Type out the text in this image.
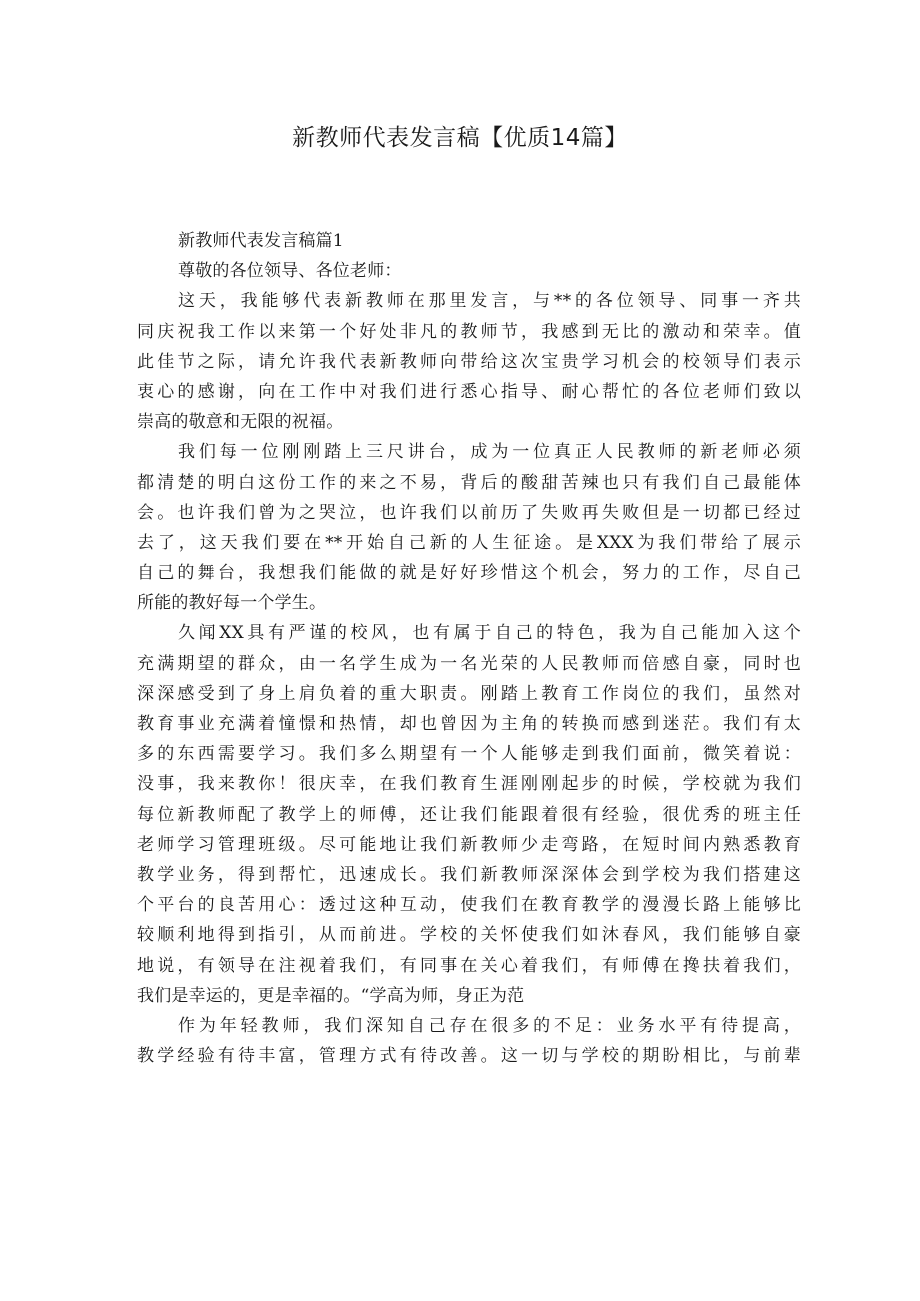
新教师代表发言稿【优质14篇】
新教师代表发言稿篇1
尊敬的各位领导、各位老师：
这天，我能够代表新教师在那里发言，与**的各位领导、同事一齐共
同庆祝我工作以来第一个好处非凡的教师节，我感到无比的激动和荣幸。值
此佳节之际，请允许我代表新教师向带给这次宝贵学习机会的校领导们表示
衷心的感谢，向在工作中对我们进行悉心指导、耐心帮忙的各位老师们致以
崇高的敬意和无限的祝福。
我们每一位刚刚踏上三尺讲台，成为一位真正人民教师的新老师必须
都清楚的明白这份工作的来之不易，背后的酸甜苦辣也只有我们自己最能体
会。也许我们曾为之哭泣，也许我们以前历了失败再失败但是一切都已经过
去了，这天我们要在**开始自己新的人生征途。是XXX为我们带给了展示
自己的舞台，我想我们能做的就是好好珍惜这个机会，努力的工作，尽自己
所能的教好每一个学生。
久闻XX具有严谨的校风，也有属于自己的特色，我为自己能加入这个
充满期望的群众，由一名学生成为一名光荣的人民教师而倍感自豪，同时也
深深感受到了身上肩负着的重大职责。刚踏上教育工作岗位的我们，虽然对
教育事业充满着憧憬和热情，却也曾因为主角的转换而感到迷茫。我们有太
多的东西需要学习。我们多么期望有一个人能够走到我们面前，微笑着说：
没事，我来教你！很庆幸，在我们教育生涯刚刚起步的时候，学校就为我们
每位新教师配了教学上的师傅，还让我们能跟着很有经验，很优秀的班主任
老师学习管理班级。尽可能地让我们新教师少走弯路，在短时间内熟悉教育
教学业务，得到帮忙，迅速成长。我们新教师深深体会到学校为我们搭建这
个平台的良苦用心：透过这种互动，使我们在教育教学的漫漫长路上能够比
较顺利地得到指引，从而前进。学校的关怀使我们如沐春风，我们能够自豪
地说，有领导在注视着我们，有同事在关心着我们，有师傅在搀扶着我们，
我们是幸运的，更是幸福的。“学高为师，身正为范
作为年轻教师，我们深知自己存在很多的不足：业务水平有待提高，
教学经验有待丰富，管理方式有待改善。这一切与学校的期盼相比，与前辈
